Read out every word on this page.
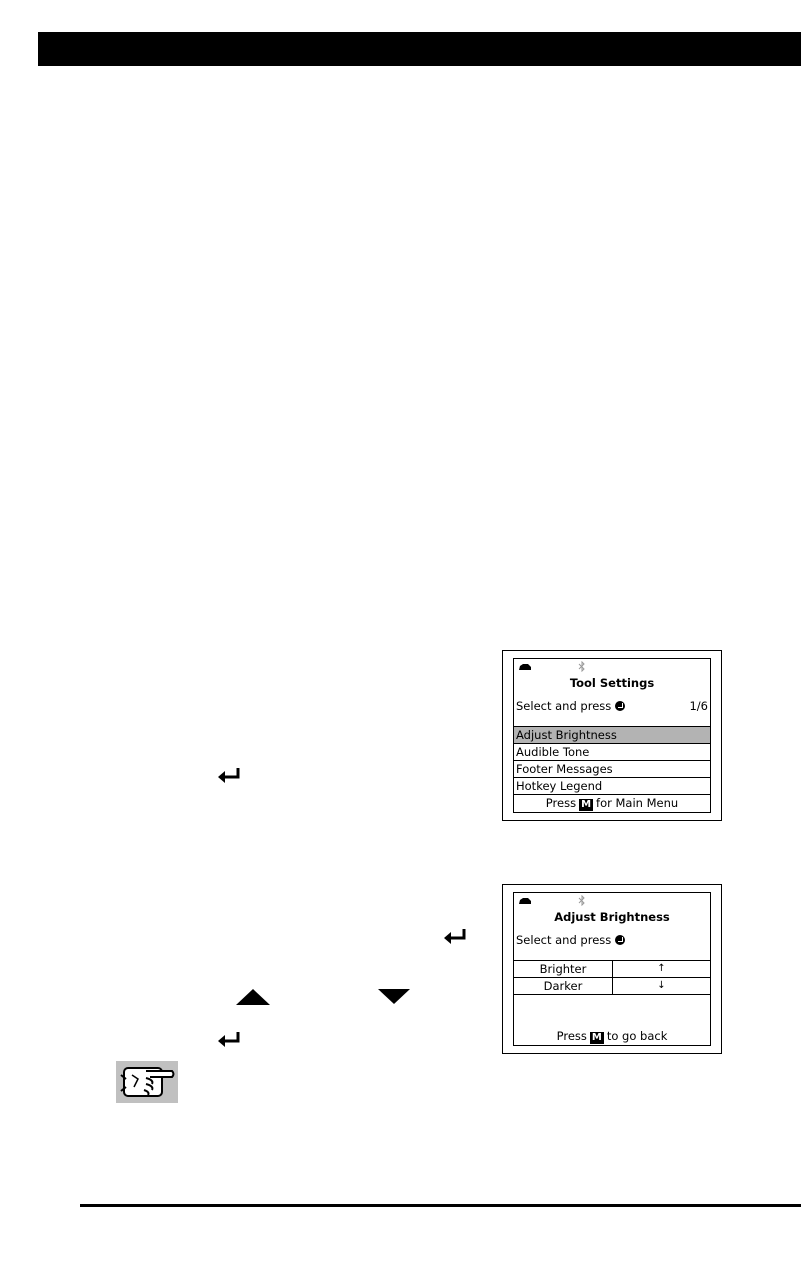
Tool Settings
Select and press	1/6
Adjust Brightness
Audible Tone
Footer Messages
Hotkey Legend
Press M for Main Menu
Adjust Brightness
Select and press
Brighter	↑
Darker	↓
Press M to go back
